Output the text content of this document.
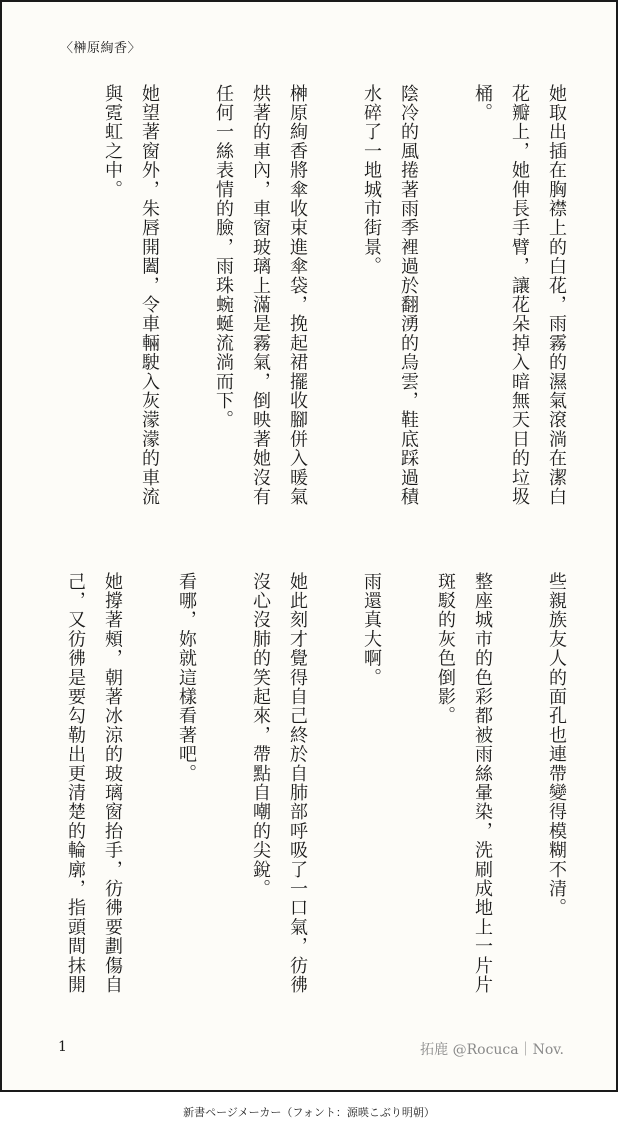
〈榊原絢香〉
她取出插在胸襟上的白花，雨霧的濕氣滾淌在潔白
花瓣上，她伸長手臂，讓花朵掉入暗無天日的垃圾
桶。
陰冷的風捲著雨季裡過於翻湧的烏雲，鞋底踩過積
水碎了一地城市街景。
榊原絢香將傘收束進傘袋，挽起裙擺收腳併入暖氣
烘著的車內，車窗玻璃上滿是霧氣，倒映著她沒有
任何一絲表情的臉，雨珠蜿蜒流淌而下。
她望著窗外，朱唇開闔，令車輛駛入灰濛濛的車流
與霓虹之中。
些親族友人的面孔也連帶變得模糊不清。
整座城市的色彩都被雨絲暈染，洗刷成地上一片片
斑駁的灰色倒影。
雨還真大啊。
她此刻才覺得自己終於自肺部呼吸了一口氣，彷彿
沒心沒肺的笑起來，帶點自嘲的尖銳。
看哪，妳就這樣看著吧。
她撐著頰，朝著冰涼的玻璃窗抬手，彷彿要劃傷自
己，又彷彿是要勾勒出更清楚的輪廓，指頭間抹開
1	拓鹿 @Rocuca｜Nov.
新書ページメーカー（フォント：源暎こぶり明朝）
